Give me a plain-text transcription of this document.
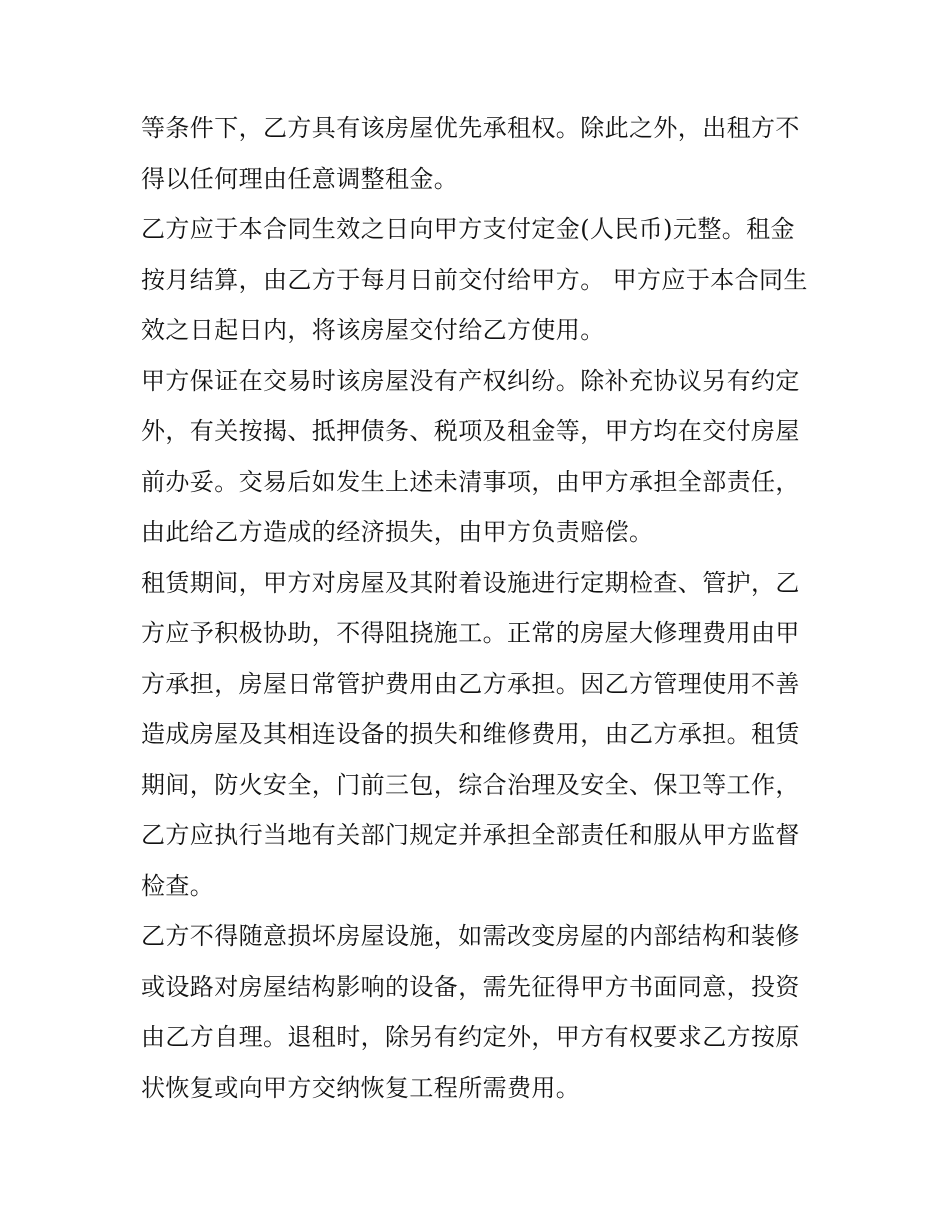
等条件下，乙方具有该房屋优先承租权。除此之外，出租方不得以任何理由任意调整租金。

乙方应于本合同生效之日向甲方支付定金(人民币)元整。租金按月结算，由乙方于每月日前交付给甲方。 甲方应于本合同生效之日起日内，将该房屋交付给乙方使用。

甲方保证在交易时该房屋没有产权纠纷。除补充协议另有约定外，有关按揭、抵押债务、税项及租金等，甲方均在交付房屋前办妥。交易后如发生上述未清事项，由甲方承担全部责任，由此给乙方造成的经济损失，由甲方负责赔偿。

租赁期间，甲方对房屋及其附着设施进行定期检查、管护，乙方应予积极协助，不得阻挠施工。正常的房屋大修理费用由甲方承担，房屋日常管护费用由乙方承担。因乙方管理使用不善造成房屋及其相连设备的损失和维修费用，由乙方承担。租赁期间，防火安全，门前三包，综合治理及安全、保卫等工作，乙方应执行当地有关部门规定并承担全部责任和服从甲方监督检查。

乙方不得随意损坏房屋设施，如需改变房屋的内部结构和装修或设路对房屋结构影响的设备，需先征得甲方书面同意，投资由乙方自理。退租时，除另有约定外，甲方有权要求乙方按原状恢复或向甲方交纳恢复工程所需费用。
